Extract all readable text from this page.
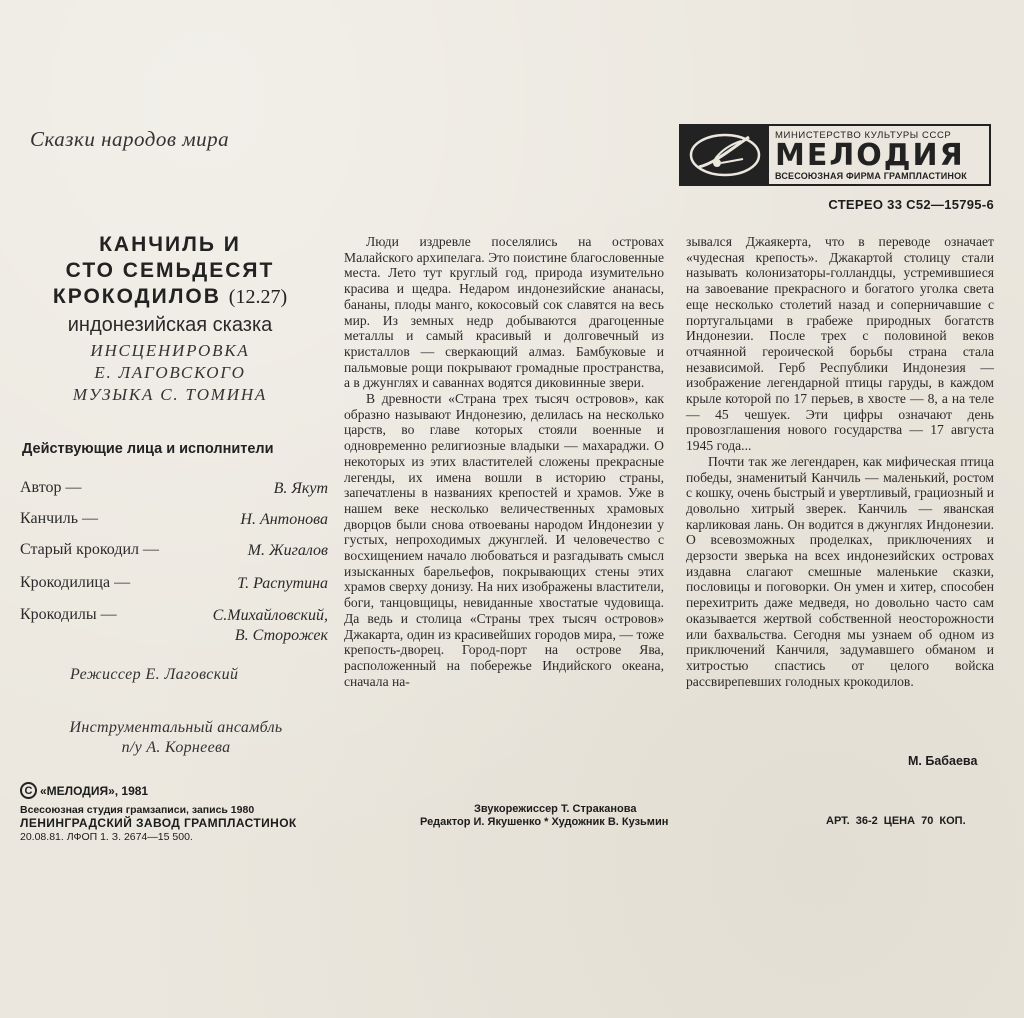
Сказки народов мира	МИНИСТЕРСТВО КУЛЬТУРЫ СССР
МЕЛОДИЯ
ВСЕСОЮЗНАЯ ФИРМА ГРАМПЛАСТИНОК
СТЕРЕО 33 С52—15795-6
КАНЧИЛЬ И
СТО СЕМЬДЕСЯТ
КРОКОДИЛОВ (12.27)
индонезийская сказка
ИНСЦЕНИРОВКА
Е. ЛАГОВСКОГО
МУЗЫКА С. ТОМИНА
Действующие лица и исполнители
Автор —	В. Якут
Канчиль —	Н. Антонова
Старый крокодил —	М. Жигалов
Крокодилица —	Т. Распутина
Крокодилы —	С.Михайловский,
В. Сторожек
Режиссер Е. Лаговский
Инструментальный ансамбль
п/у А. Корнеева

Люди издревле поселялись на островах Малайского архипелага. Это поистине благословенные места. Лето тут круглый год, природа изумительно красива и щедра. Недаром индонезийские ананасы, бананы, плоды манго, кокосовый сок славятся на весь мир. Из земных недр добываются драгоценные металлы и самый красивый и долговечный из кристаллов — сверкающий алмаз. Бамбуковые и пальмовые рощи покрывают громадные пространства, а в джунглях и саваннах водятся диковинные звери.

В древности «Страна трех тысяч островов», как образно называют Индонезию, делилась на несколько царств, во главе которых стояли военные и одновременно религиозные владыки — махараджи. О некоторых из этих властителей сложены прекрасные легенды, их имена вошли в историю страны, запечатлены в названиях крепостей и храмов. Уже в нашем веке несколько величественных храмовых дворцов были снова отвоеваны народом Индонезии у густых, непроходимых джунглей. И человечество с восхищением начало любоваться и разгадывать смысл изысканных барельефов, покрывающих стены этих храмов сверху донизу. На них изображены властители, боги, танцовщицы, невиданные хвостатые чудовища. Да ведь и столица «Страны трех тысяч островов» Джакарта, один из красивейших городов мира, — тоже крепость-дворец. Город-порт на острове Ява, расположенный на побережье Индийского океана, сначала на-

зывался Джаякерта, что в переводе означает «чудесная крепость». Джакартой столицу стали называть колонизаторы-голландцы, устремившиеся на завоевание прекрасного и богатого уголка света еще несколько столетий назад и соперничавшие с португальцами в грабеже природных богатств Индонезии. После трех с половиной веков отчаянной героической борьбы страна стала независимой. Герб Республики Индонезия — изображение легендарной птицы гаруды, в каждом крыле которой по 17 перьев, в хвосте — 8, а на теле — 45 чешуек. Эти цифры означают день провозглашения нового государства — 17 августа 1945 года...

Почти так же легендарен, как мифическая птица победы, знаменитый Канчиль — маленький, ростом с кошку, очень быстрый и увертливый, грациозный и довольно хитрый зверек. Канчиль — яванская карликовая лань. Он водится в джунглях Индонезии. О всевозможных проделках, приключениях и дерзости зверька на всех индонезийских островах издавна слагают смешные маленькие сказки, пословицы и поговорки. Он умен и хитер, способен перехитрить даже медведя, но довольно часто сам оказывается жертвой собственной неосторожности или бахвальства. Сегодня мы узнаем об одном из приключений Канчиля, задумавшего обманом и хитростью спастись от целого войска рассвирепевших голодных крокодилов.

М. Бабаева
C «МЕЛОДИЯ», 1981
Всесоюзная студия грамзаписи, запись 1980
ЛЕНИНГРАДСКИЙ ЗАВОД ГРАМПЛАСТИНОК
20.08.81. ЛФОП 1. З. 2674—15 500.
Звукорежиссер Т. Страканова
Редактор И. Якушенко * Художник В. Кузьмин	АРТ. 36-2 ЦЕНА 70 КОП.
